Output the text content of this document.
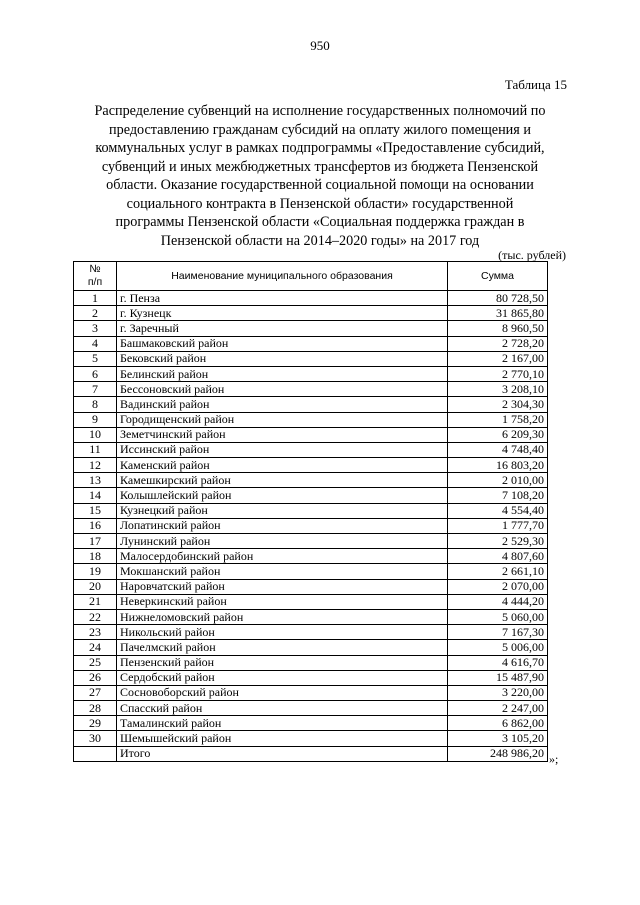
950
Таблица 15
Распределение субвенций на исполнение государственных полномочий по
предоставлению гражданам субсидий на оплату жилого помещения и
коммунальных услуг в рамках подпрограммы «Предоставление субсидий,
субвенций и иных межбюджетных трансфертов из бюджета Пензенской
области. Оказание государственной социальной помощи на основании
социального контракта в Пензенской области» государственной
программы Пензенской области «Социальная поддержка граждан в
Пензенской области на 2014–2020 годы» на 2017 год
(тыс. рублей)
№
п/п	Наименование муниципального образования	Сумма
1	г. Пенза	80 728,50
2	г. Кузнецк	31 865,80
3	г. Заречный	8 960,50
4	Башмаковский район	2 728,20
5	Бековский район	2 167,00
6	Белинский район	2 770,10
7	Бессоновский район	3 208,10
8	Вадинский район	2 304,30
9	Городищенский район	1 758,20
10	Земетчинский район	6 209,30
11	Иссинский район	4 748,40
12	Каменский район	16 803,20
13	Камешкирский район	2 010,00
14	Колышлейский район	7 108,20
15	Кузнецкий район	4 554,40
16	Лопатинский район	1 777,70
17	Лунинский район	2 529,30
18	Малосердобинский район	4 807,60
19	Мокшанский район	2 661,10
20	Наровчатский район	2 070,00
21	Неверкинский район	4 444,20
22	Нижнеломовский район	5 060,00
23	Никольский район	7 167,30
24	Пачелмский район	5 006,00
25	Пензенский район	4 616,70
26	Сердобский район	15 487,90
27	Сосновоборский район	3 220,00
28	Спасский район	2 247,00
29	Тамалинский район	6 862,00
30	Шемышейский район	3 105,20
	Итого	248 986,20 »;
